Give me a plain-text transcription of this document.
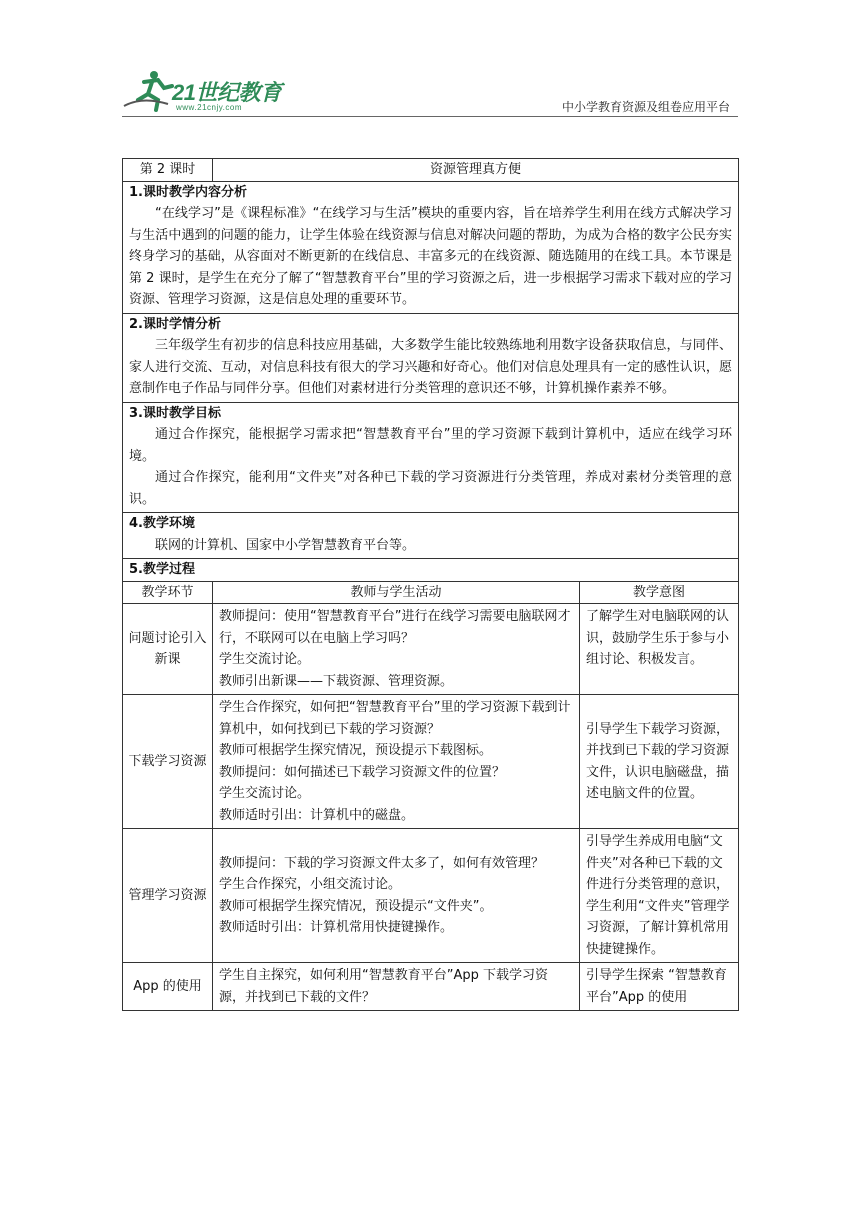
21世纪教育
www.21cnjy.com	中小学教育资源及组卷应用平台
第 2 课时	资源管理真方便	

1.课时教学内容分析
“在线学习”是《课程标准》“在线学习与生活”模块的重要内容，旨在培养学生利用在线方式解决学习与生活中遇到的问题的能力，让学生体验在线资源与信息对解决问题的帮助，为成为合格的数字公民夯实终身学习的基础，从容面对不断更新的在线信息、丰富多元的在线资源、随选随用的在线工具。本节课是第 2 课时，是学生在充分了解了“智慧教育平台”里的学习资源之后，进一步根据学习需求下载对应的学习资源、管理学习资源，这是信息处理的重要环节。		

2.课时学情分析
三年级学生有初步的信息科技应用基础，大多数学生能比较熟练地利用数字设备获取信息，与同伴、家人进行交流、互动，对信息科技有很大的学习兴趣和好奇心。他们对信息处理具有一定的感性认识，愿意制作电子作品与同伴分享。但他们对素材进行分类管理的意识还不够，计算机操作素养不够。		

3.课时教学目标
通过合作探究，能根据学习需求把“智慧教育平台”里的学习资源下载到计算机中，适应在线学习环境。
通过合作探究，能利用“文件夹”对各种已下载的学习资源进行分类管理，养成对素材分类管理的意识。		

4.教学环境
联网的计算机、国家中小学智慧教育平台等。		

5.教学过程		

教学环节	教师与学生活动	教学意图
问题讨论引入新课	教师提问：使用“智慧教育平台”进行在线学习需要电脑联网才行，不联网可以在电脑上学习吗？
学生交流讨论。
教师引出新课——下载资源、管理资源。	了解学生对电脑联网的认识，鼓励学生乐于参与小组讨论、积极发言。
下载学习资源	学生合作探究，如何把“智慧教育平台”里的学习资源下载到计算机中，如何找到已下载的学习资源？
教师可根据学生探究情况，预设提示下载图标。
教师提问：如何描述已下载学习资源文件的位置？
学生交流讨论。
教师适时引出：计算机中的磁盘。	引导学生下载学习资源，并找到已下载的学习资源文件，认识电脑磁盘，描述电脑文件的位置。
管理学习资源	教师提问：下载的学习资源文件太多了，如何有效管理？
学生合作探究，小组交流讨论。
教师可根据学生探究情况，预设提示“文件夹”。
教师适时引出：计算机常用快捷键操作。	引导学生养成用电脑“文件夹”对各种已下载的文件进行分类管理的意识，学生利用“文件夹”管理学习资源，了解计算机常用快捷键操作。
App 的使用	学生自主探究，如何利用“智慧教育平台”App 下载学习资源，并找到已下载的文件？	引导学生探索 “智慧教育平台”App 的使用
